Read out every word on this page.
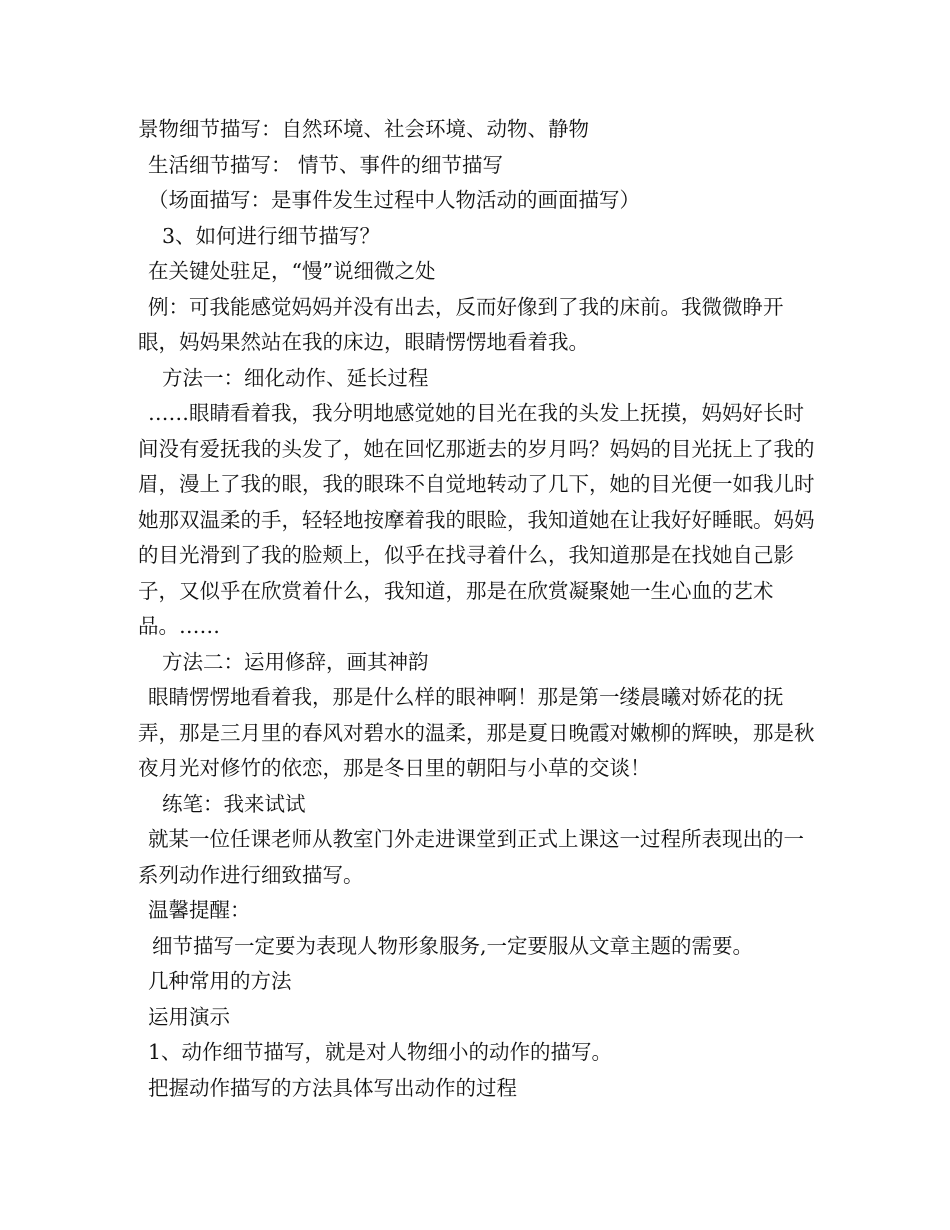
景物细节描写：自然环境、社会环境、动物、静物
生活细节描写： 情节、事件的细节描写
（场面描写：是事件发生过程中人物活动的画面描写）
3、如何进行细节描写？
在关键处驻足，“慢”说细微之处
例：可我能感觉妈妈并没有出去，反而好像到了我的床前。我微微睁开眼，妈妈果然站在我的床边，眼睛愣愣地看着我。
方法一：细化动作、延长过程
……眼睛看着我，我分明地感觉她的目光在我的头发上抚摸，妈妈好长时间没有爱抚我的头发了，她在回忆那逝去的岁月吗？妈妈的目光抚上了我的眉，漫上了我的眼，我的眼珠不自觉地转动了几下，她的目光便一如我儿时她那双温柔的手，轻轻地按摩着我的眼睑，我知道她在让我好好睡眠。妈妈的目光滑到了我的脸颊上，似乎在找寻着什么，我知道那是在找她自己影子，又似乎在欣赏着什么，我知道，那是在欣赏凝聚她一生心血的艺术品。……
方法二：运用修辞，画其神韵
眼睛愣愣地看着我，那是什么样的眼神啊！那是第一缕晨曦对娇花的抚弄，那是三月里的春风对碧水的温柔，那是夏日晚霞对嫩柳的辉映，那是秋夜月光对修竹的依恋，那是冬日里的朝阳与小草的交谈！
练笔：我来试试
就某一位任课老师从教室门外走进课堂到正式上课这一过程所表现出的一系列动作进行细致描写。
温馨提醒：
细节描写一定要为表现人物形象服务,一定要服从文章主题的需要。
几种常用的方法
运用演示
1、动作细节描写，就是对人物细小的动作的描写。
把握动作描写的方法具体写出动作的过程
